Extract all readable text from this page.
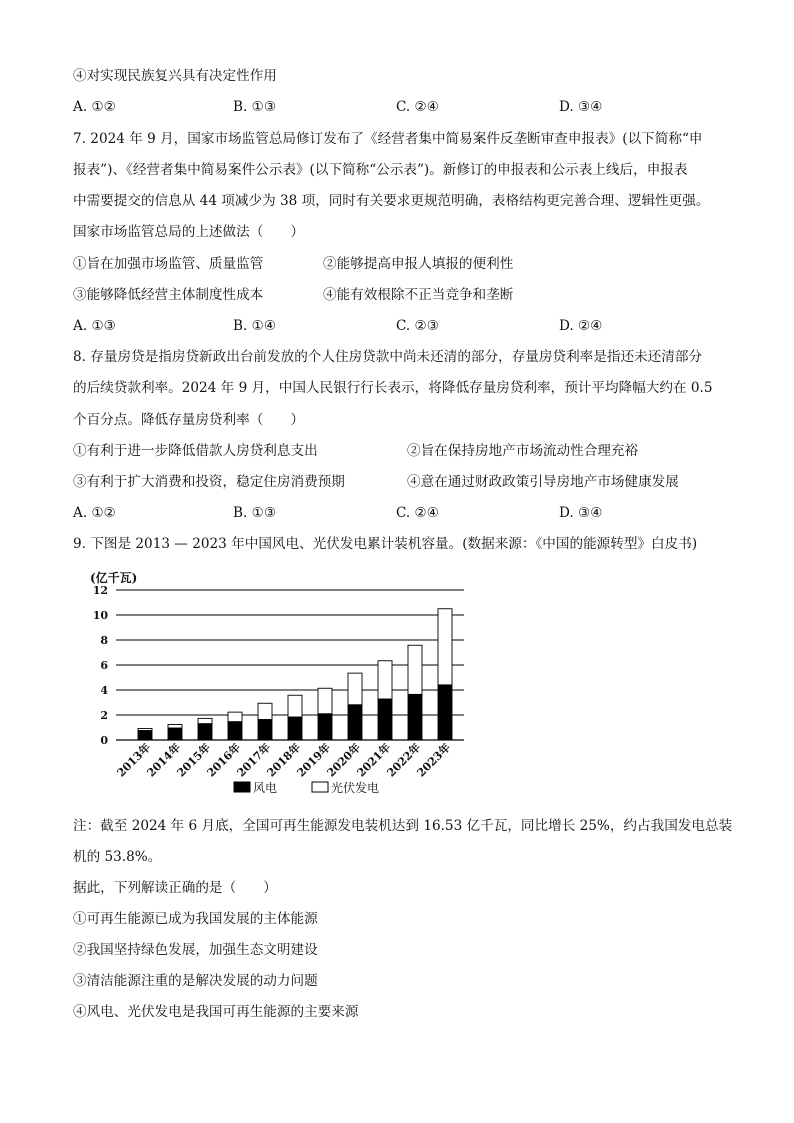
④对实现民族复兴具有决定性作用
A. ①②	B. ①③	C. ②④	D. ③④
7. 2024 年 9 月，国家市场监管总局修订发布了《经营者集中简易案件反垄断审查申报表》(以下简称“申
报表”)、《经营者集中简易案件公示表》(以下简称“公示表”)。新修订的申报表和公示表上线后，申报表
中需要提交的信息从 44 项减少为 38 项，同时有关要求更规范明确，表格结构更完善合理、逻辑性更强。
国家市场监管总局的上述做法（　　）
①旨在加强市场监管、质量监管	②能够提高申报人填报的便利性
③能够降低经营主体制度性成本	④能有效根除不正当竞争和垄断
A. ①③	B. ①④	C. ②③	D. ②④
8. 存量房贷是指房贷新政出台前发放的个人住房贷款中尚未还清的部分，存量房贷利率是指还未还清部分
的后续贷款利率。2024 年 9 月，中国人民银行行长表示，将降低存量房贷利率，预计平均降幅大约在 0.5
个百分点。降低存量房贷利率（　　）
①有利于进一步降低借款人房贷利息支出	②旨在保持房地产市场流动性合理充裕
③有利于扩大消费和投资，稳定住房消费预期	④意在通过财政政策引导房地产市场健康发展
A. ①②	B. ①③	C. ②④	D. ③④
9. 下图是 2013 — 2023 年中国风电、光伏发电累计装机容量。(数据来源：《中国的能源转型》白皮书)
(亿千瓦)
0
2
4
6
8
10
12
2013年
2014年
2015年
2016年
2017年
2018年
2019年
2020年
2021年
2022年
2023年
风电	光伏发电
注：截至 2024 年 6 月底，全国可再生能源发电装机达到 16.53 亿千瓦，同比增长 25%，约占我国发电总装
机的 53.8%。
据此，下列解读正确的是（　　）
①可再生能源已成为我国发展的主体能源
②我国坚持绿色发展，加强生态文明建设
③清洁能源注重的是解决发展的动力问题
④风电、光伏发电是我国可再生能源的主要来源
